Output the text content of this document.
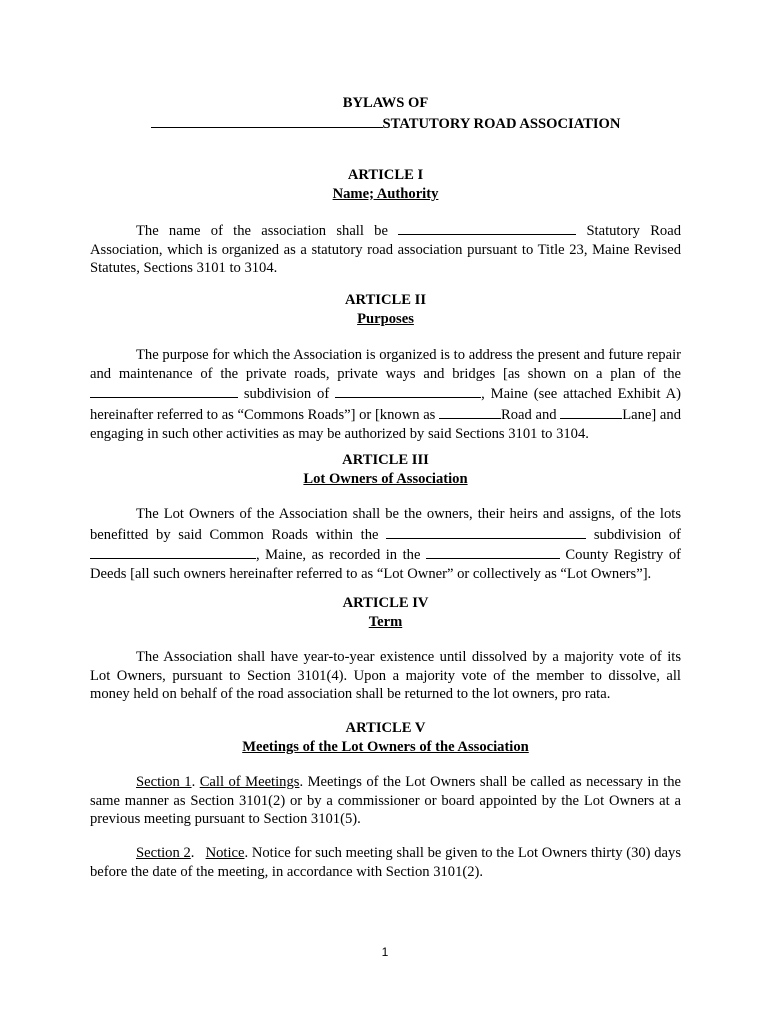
BYLAWS OF
STATUTORY ROAD ASSOCIATION
ARTICLE I
Name; Authority

The name of the association shall be	Statutory Road Association, which is organized as a statutory road association pursuant to Title 23, Maine Revised Statutes, Sections 3101 to 3104.

ARTICLE II
Purposes

The purpose for which the Association is organized is to address the present and future repair and maintenance of the private roads, private ways and bridges [as shown on a plan of the  subdivision of	, Maine (see attached Exhibit A) hereinafter referred to as “Commons Roads”] or [known as	Road and	Lane] and engaging in such other activities as may be authorized by said Sections 3101 to 3104.

ARTICLE III
Lot Owners of Association

The Lot Owners of the Association shall be the owners, their heirs and assigns, of the lots benefitted by said Common Roads within the	subdivision of , Maine, as recorded in the	County Registry of Deeds [all such owners hereinafter referred to as “Lot Owner” or collectively as “Lot Owners”].

ARTICLE IV
Term

The Association shall have year-to-year existence until dissolved by a majority vote of its Lot Owners, pursuant to Section 3101(4). Upon a majority vote of the member to dissolve, all money held on behalf of the road association shall be returned to the lot owners, pro rata.

ARTICLE V
Meetings of the Lot Owners of the Association

Section 1. Call of Meetings. Meetings of the Lot Owners shall be called as necessary in the same manner as Section 3101(2) or by a commissioner or board appointed by the Lot Owners at a previous meeting pursuant to Section 3101(5).

Section 2.   Notice. Notice for such meeting shall be given to the Lot Owners thirty (30) days before the date of the meeting, in accordance with Section 3101(2).

1
